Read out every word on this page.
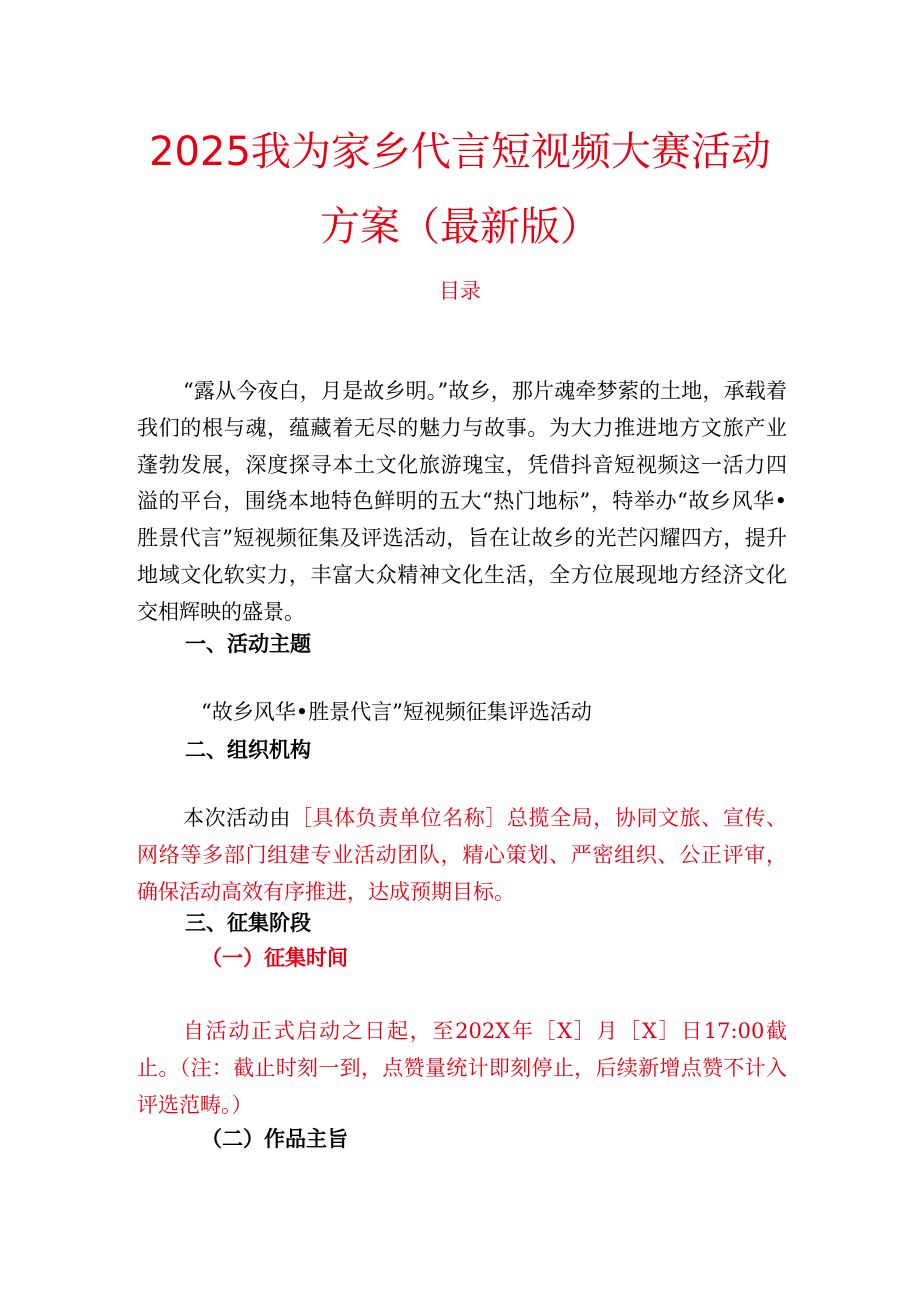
2025我为家乡代言短视频大赛活动
方案（最新版）
目录

“露从今夜白，月是故乡明。”故乡，那片魂牵梦萦的土地，承载着我们的根与魂，蕴藏着无尽的魅力与故事。为大力推进地方文旅产业蓬勃发展，深度探寻本土文化旅游瑰宝，凭借抖音短视频这一活力四溢的平台，围绕本地特色鲜明的五大“热门地标”，特举办“故乡风华•胜景代言”短视频征集及评选活动，旨在让故乡的光芒闪耀四方，提升地域文化软实力，丰富大众精神文化生活，全方位展现地方经济文化交相辉映的盛景。

一、活动主题
“故乡风华•胜景代言”短视频征集评选活动
二、组织机构

本次活动由［具体负责单位名称］总揽全局，协同文旅、宣传、网络等多部门组建专业活动团队，精心策划、严密组织、公正评审，确保活动高效有序推进，达成预期目标。

三、征集阶段
（一）征集时间

自活动正式启动之日起，至202X年［X］月［X］日17:00截止。（注：截止时刻一到，点赞量统计即刻停止，后续新增点赞不计入评选范畴。）

（二）作品主旨
